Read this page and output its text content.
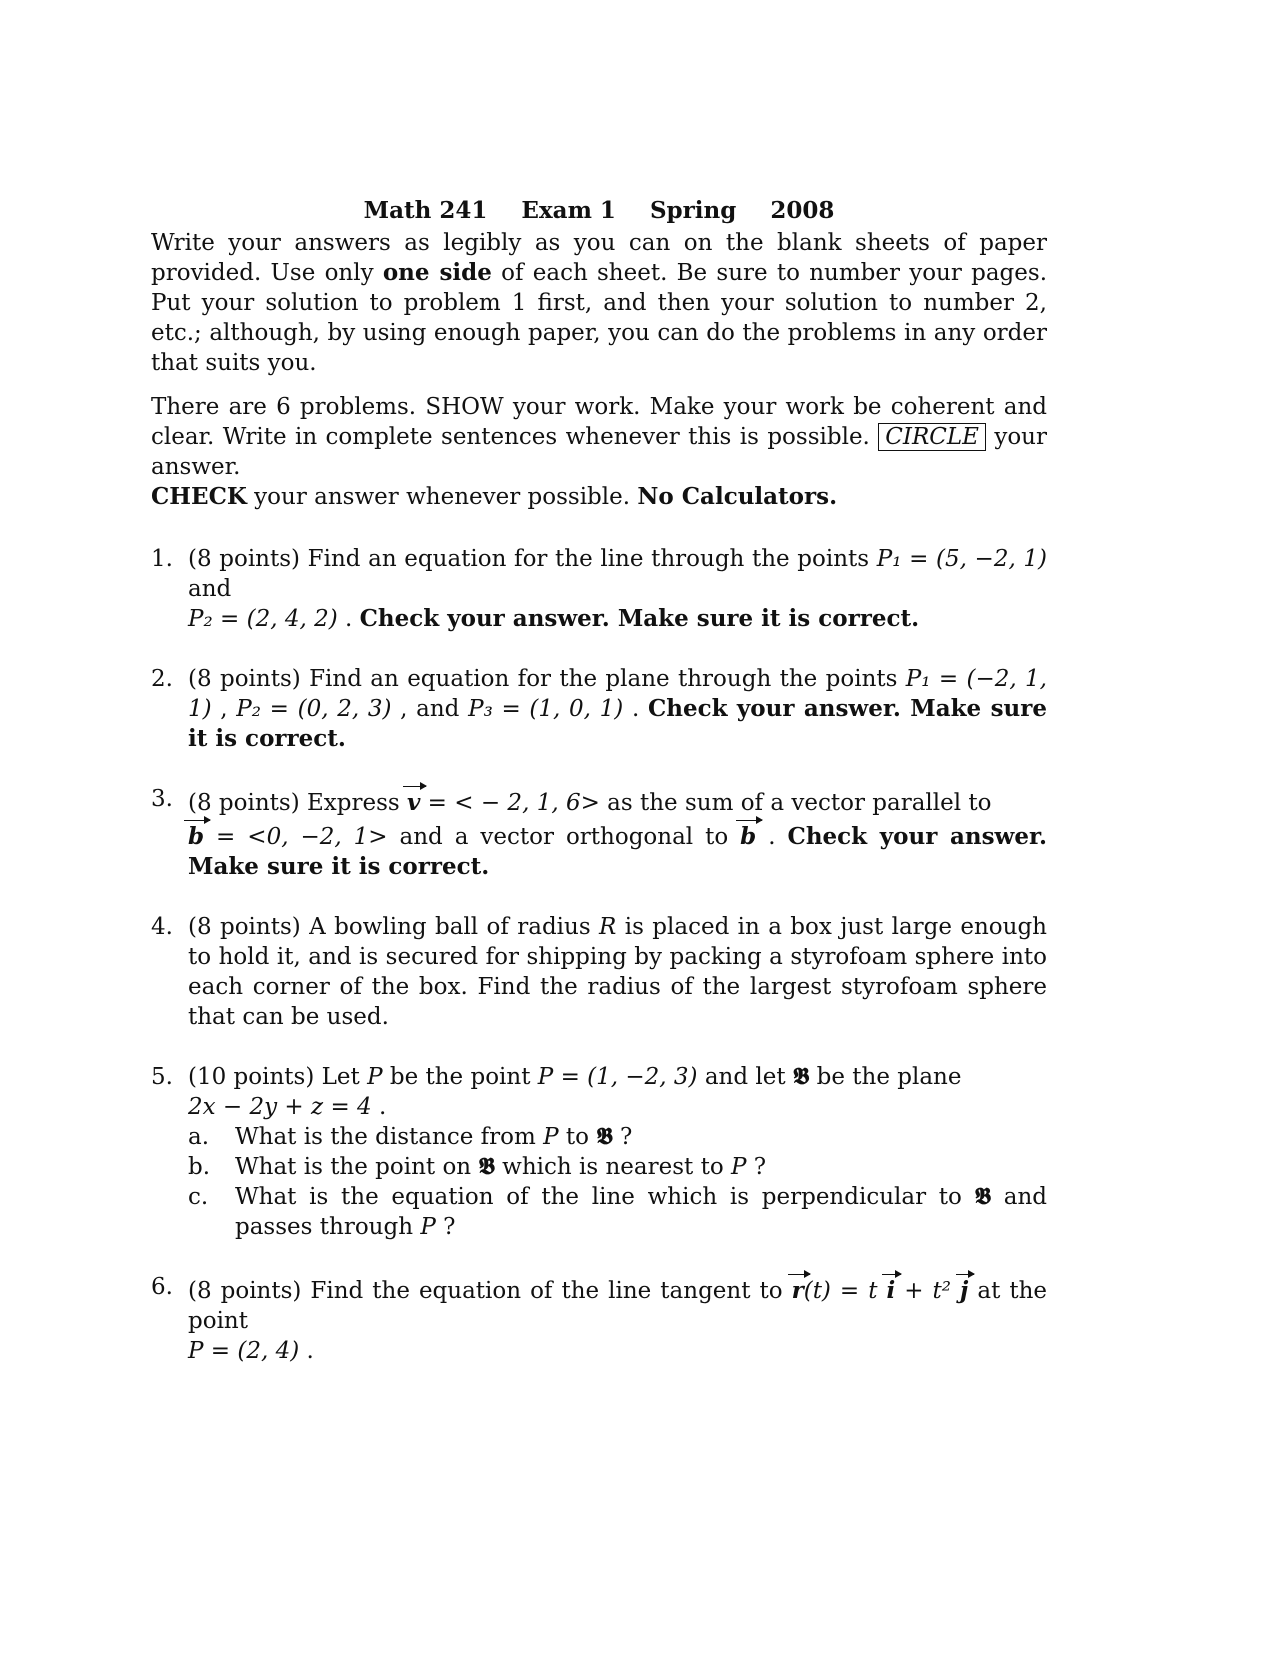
Math 241 Exam 1 Spring 2008

Write your answers as legibly as you can on the blank sheets of paper provided. Use only one side of each sheet. Be sure to number your pages. Put your solution to problem 1 first, and then your solution to number 2, etc.; although, by using enough paper, you can do the problems in any order that suits you.

There are 6 problems. SHOW your work. Make your work be coherent and clear. Write in complete sentences whenever this is possible. CIRCLE your answer.
CHECK your answer whenever possible. No Calculators.

1. (8 points) Find an equation for the line through the points P₁ = (5, −2, 1) and
P₂ = (2, 4, 2) . Check your answer. Make sure it is correct.
2. (8 points) Find an equation for the plane through the points P₁ = (−2, 1, 1) , P₂ = (0, 2, 3) , and P₃ = (1, 0, 1) . Check your answer. Make sure it is correct.
3. (8 points) Express v = < − 2, 1, 6> as the sum of a vector parallel to
b = <0, −2, 1> and a vector orthogonal to b . Check your answer. Make sure it is correct.
4. (8 points) A bowling ball of radius R is placed in a box just large enough to hold it, and is secured for shipping by packing a styrofoam sphere into each corner of the box. Find the radius of the largest styrofoam sphere that can be used.
5. (10 points) Let P be the point P = (1, −2, 3) and let 𝕭 be the plane
2x − 2y + z = 4 .
a. What is the distance from P to 𝕭 ?
b. What is the point on 𝕭 which is nearest to P ?
c. What is the equation of the line which is perpendicular to 𝕭 and passes through P ?
6. (8 points) Find the equation of the line tangent to r(t) = t i + t² j at the point
P = (2, 4) .
